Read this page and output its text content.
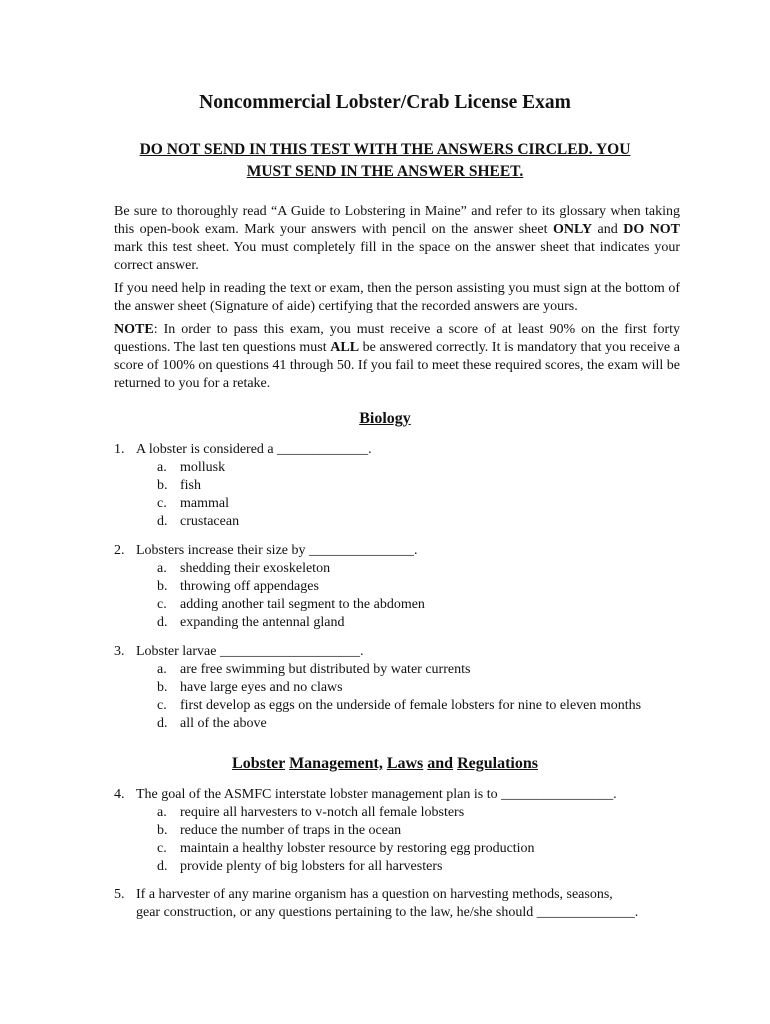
Noncommercial Lobster/Crab License Exam
DO NOT SEND IN THIS TEST WITH THE ANSWERS CIRCLED. YOU
MUST SEND IN THE ANSWER SHEET.

Be sure to thoroughly read “A Guide to Lobstering in Maine” and refer to its glossary when taking this open-book exam. Mark your answers with pencil on the answer sheet ONLY and DO NOT mark this test sheet. You must completely fill in the space on the answer sheet that indicates your correct answer.

If you need help in reading the text or exam, then the person assisting you must sign at the bottom of the answer sheet (Signature of aide) certifying that the recorded answers are yours.

NOTE: In order to pass this exam, you must receive a score of at least 90% on the first forty questions. The last ten questions must ALL be answered correctly. It is mandatory that you receive a score of 100% on questions 41 through 50. If you fail to meet these required scores, the exam will be returned to you for a retake.

Biology
1. A lobster is considered a _____________.
a. mollusk
b. fish
c. mammal
d. crustacean
2. Lobsters increase their size by _______________.
a. shedding their exoskeleton
b. throwing off appendages
c. adding another tail segment to the abdomen
d. expanding the antennal gland
3. Lobster larvae ____________________.
a. are free swimming but distributed by water currents
b. have large eyes and no claws
c. first develop as eggs on the underside of female lobsters for nine to eleven months
d. all of the above
Lobster Management, Laws and Regulations
4. The goal of the ASMFC interstate lobster management plan is to ________________.
a. require all harvesters to v-notch all female lobsters
b. reduce the number of traps in the ocean
c. maintain a healthy lobster resource by restoring egg production
d. provide plenty of big lobsters for all harvesters
5. If a harvester of any marine organism has a question on harvesting methods, seasons,
gear construction, or any questions pertaining to the law, he/she should ______________.
